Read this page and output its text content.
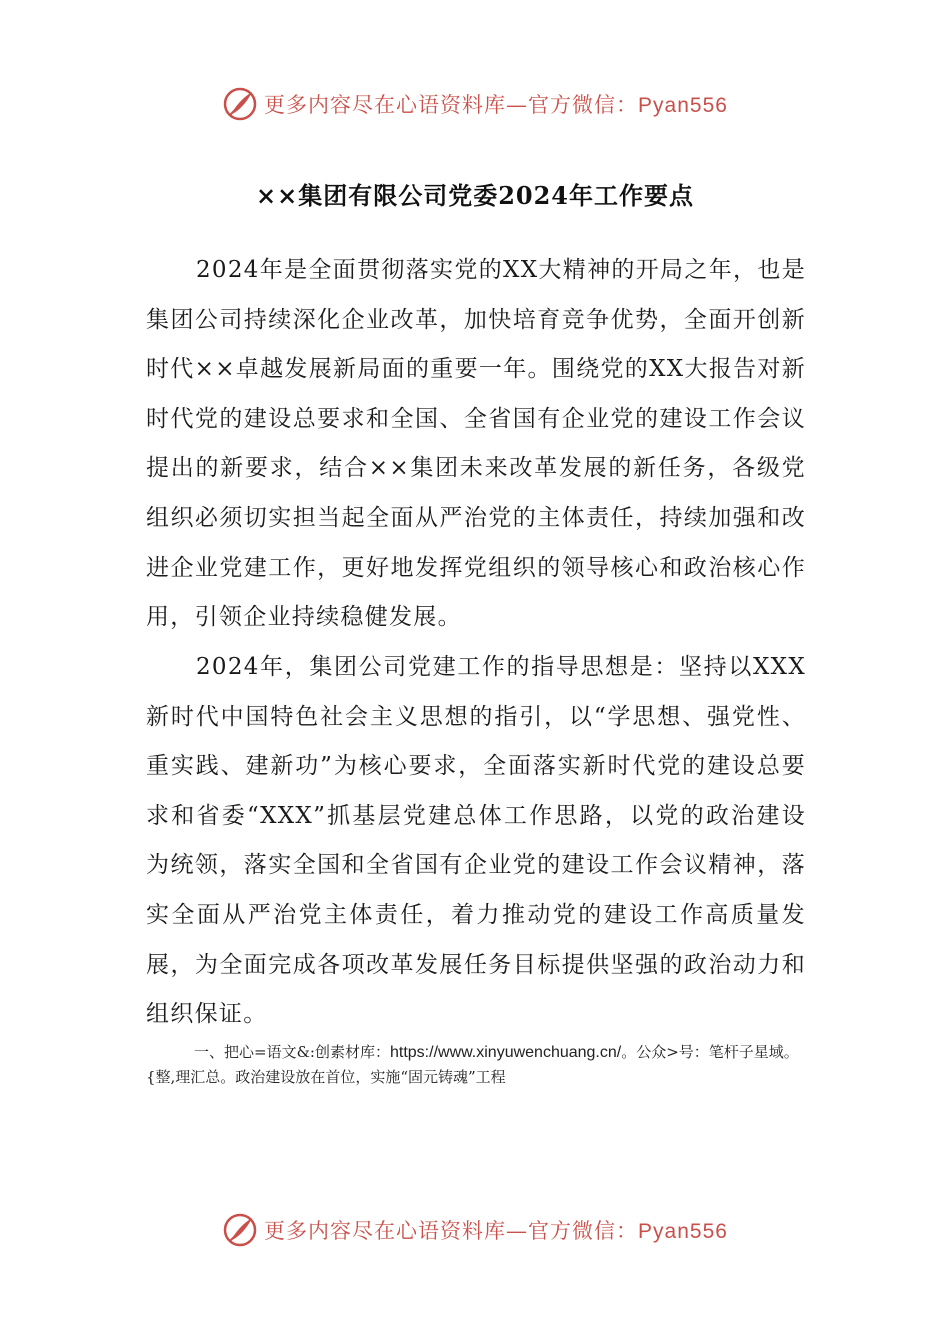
更多内容尽在心语资料库—官方微信：Pyan556
××集团有限公司党委2024年工作要点

2024年是全面贯彻落实党的XX大精神的开局之年，也是集团公司持续深化企业改革，加快培育竞争优势，全面开创新时代××卓越发展新局面的重要一年。围绕党的XX大报告对新时代党的建设总要求和全国、全省国有企业党的建设工作会议提出的新要求，结合××集团未来改革发展的新任务，各级党组织必须切实担当起全面从严治党的主体责任，持续加强和改进企业党建工作，更好地发挥党组织的领导核心和政治核心作用，引领企业持续稳健发展。

2024年，集团公司党建工作的指导思想是：坚持以XXX新时代中国特色社会主义思想的指引，以“学思想、强党性、重实践、建新功”为核心要求，全面落实新时代党的建设总要求和省委“XXX”抓基层党建总体工作思路，以党的政治建设为统领，落实全国和全省国有企业党的建设工作会议精神，落实全面从严治党主体责任，着力推动党的建设工作高质量发展，为全面完成各项改革发展任务目标提供坚强的政治动力和组织保证。

一、把心=语文&:创素材库：https://www.xinyuwenchuang.cn/。公众>号：笔杆子星域。{整,理汇总。政治建设放在首位，实施“固元铸魂”工程

更多内容尽在心语资料库—官方微信：Pyan556
